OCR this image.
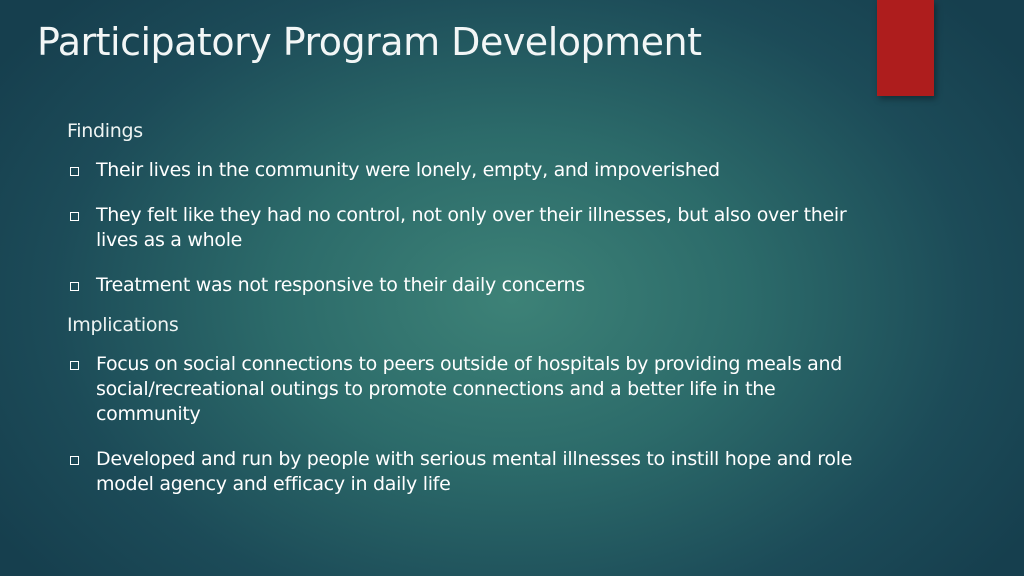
Participatory Program Development
Findings
Their lives in the community were lonely, empty, and impoverished
They felt like they had no control, not only over their illnesses, but also over their lives as a whole
Treatment was not responsive to their daily concerns
Implications
Focus on social connections to peers outside of hospitals by providing meals and social/recreational outings to promote connections and a better life in the community
Developed and run by people with serious mental illnesses to instill hope and role model agency and efficacy in daily life
